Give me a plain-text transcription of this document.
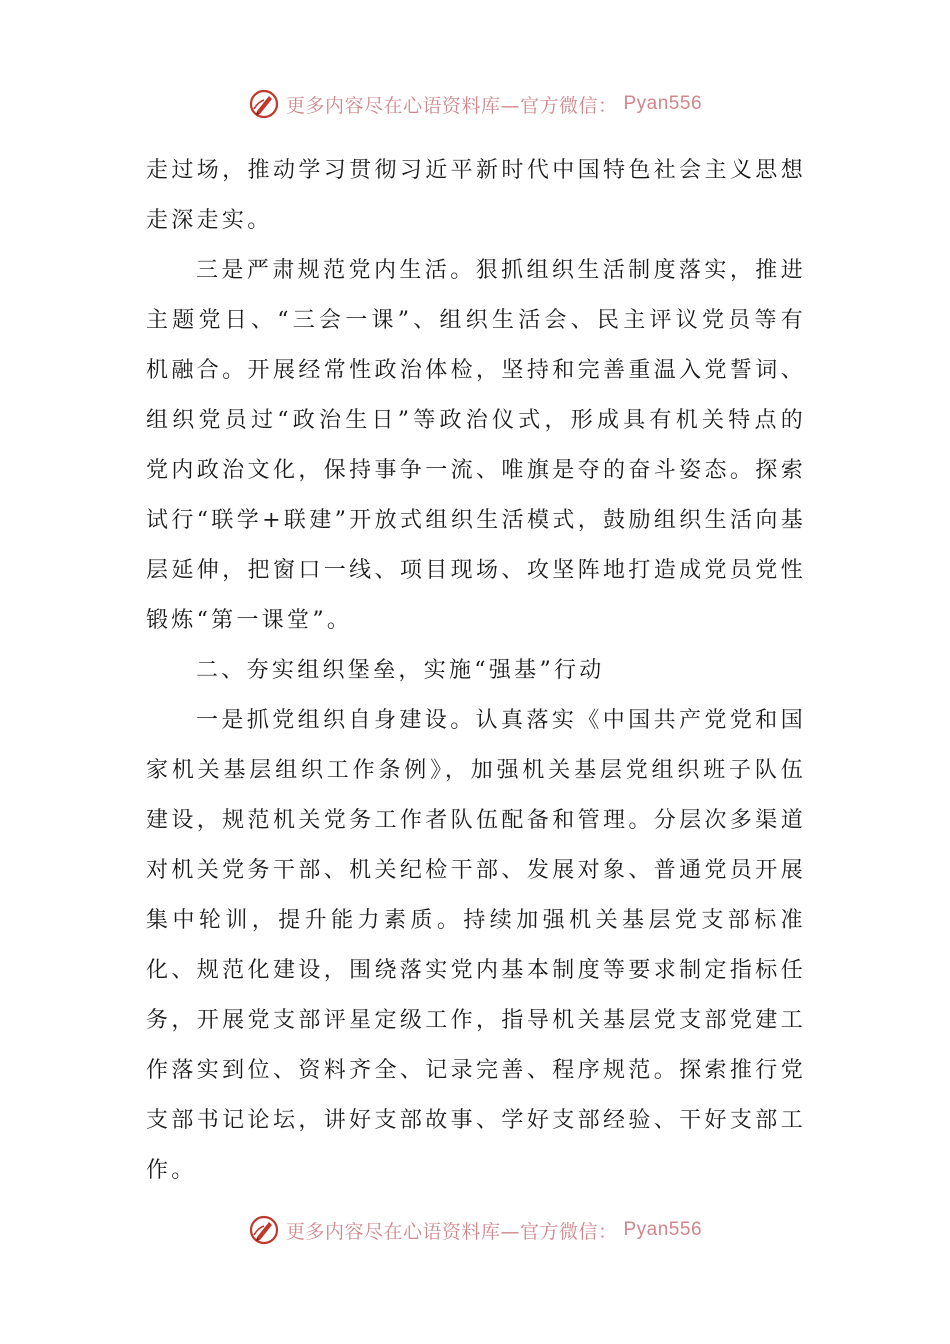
更多内容尽在心语资料库—官方微信： Pyan556

走过场，推动学习贯彻习近平新时代中国特色社会主义思想走深走实。

三是严肃规范党内生活。狠抓组织生活制度落实，推进主题党日、“三会一课”、组织生活会、民主评议党员等有机融合。开展经常性政治体检，坚持和完善重温入党誓词、组织党员过“政治生日”等政治仪式，形成具有机关特点的党内政治文化，保持事争一流、唯旗是夺的奋斗姿态。探索试行“联学+联建”开放式组织生活模式，鼓励组织生活向基层延伸，把窗口一线、项目现场、攻坚阵地打造成党员党性锻炼“第一课堂”。

二、夯实组织堡垒，实施“强基”行动

一是抓党组织自身建设。认真落实《中国共产党党和国家机关基层组织工作条例》，加强机关基层党组织班子队伍建设，规范机关党务工作者队伍配备和管理。分层次多渠道对机关党务干部、机关纪检干部、发展对象、普通党员开展集中轮训，提升能力素质。持续加强机关基层党支部标准化、规范化建设，围绕落实党内基本制度等要求制定指标任务，开展党支部评星定级工作，指导机关基层党支部党建工作落实到位、资料齐全、记录完善、程序规范。探索推行党支部书记论坛，讲好支部故事、学好支部经验、干好支部工作。

更多内容尽在心语资料库—官方微信： Pyan556
